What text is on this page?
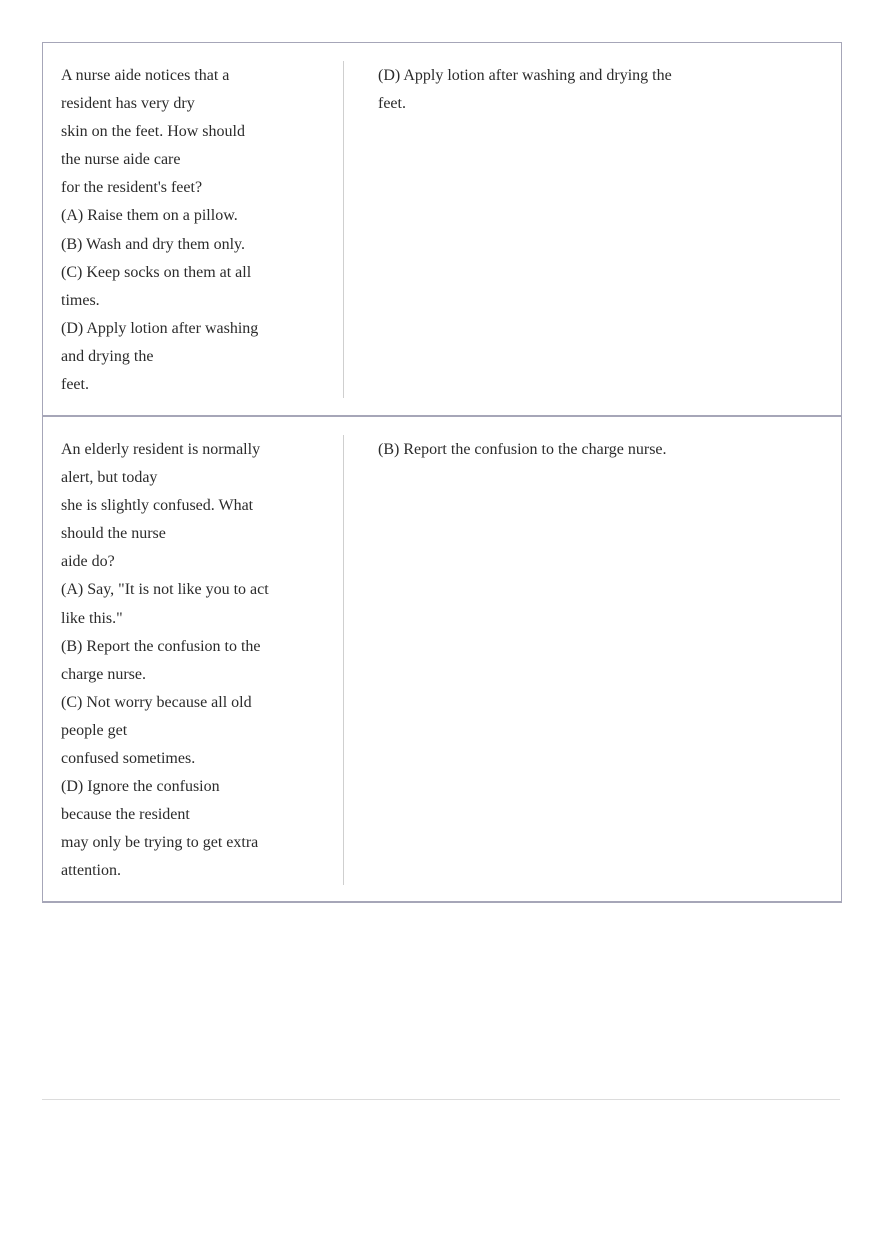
A nurse aide notices that a
resident has very dry
skin on the feet. How should
the nurse aide care
for the resident's feet?
(A) Raise them on a pillow.
(B) Wash and dry them only.
(C) Keep socks on them at all
times.
(D) Apply lotion after washing
and drying the
feet.
(D) Apply lotion after washing and drying the
feet.
An elderly resident is normally
alert, but today
she is slightly confused. What
should the nurse
aide do?
(A) Say, "It is not like you to act
like this."
(B) Report the confusion to the
charge nurse.
(C) Not worry because all old
people get
confused sometimes.
(D) Ignore the confusion
because the resident
may only be trying to get extra
attention.
(B) Report the confusion to the charge nurse.
